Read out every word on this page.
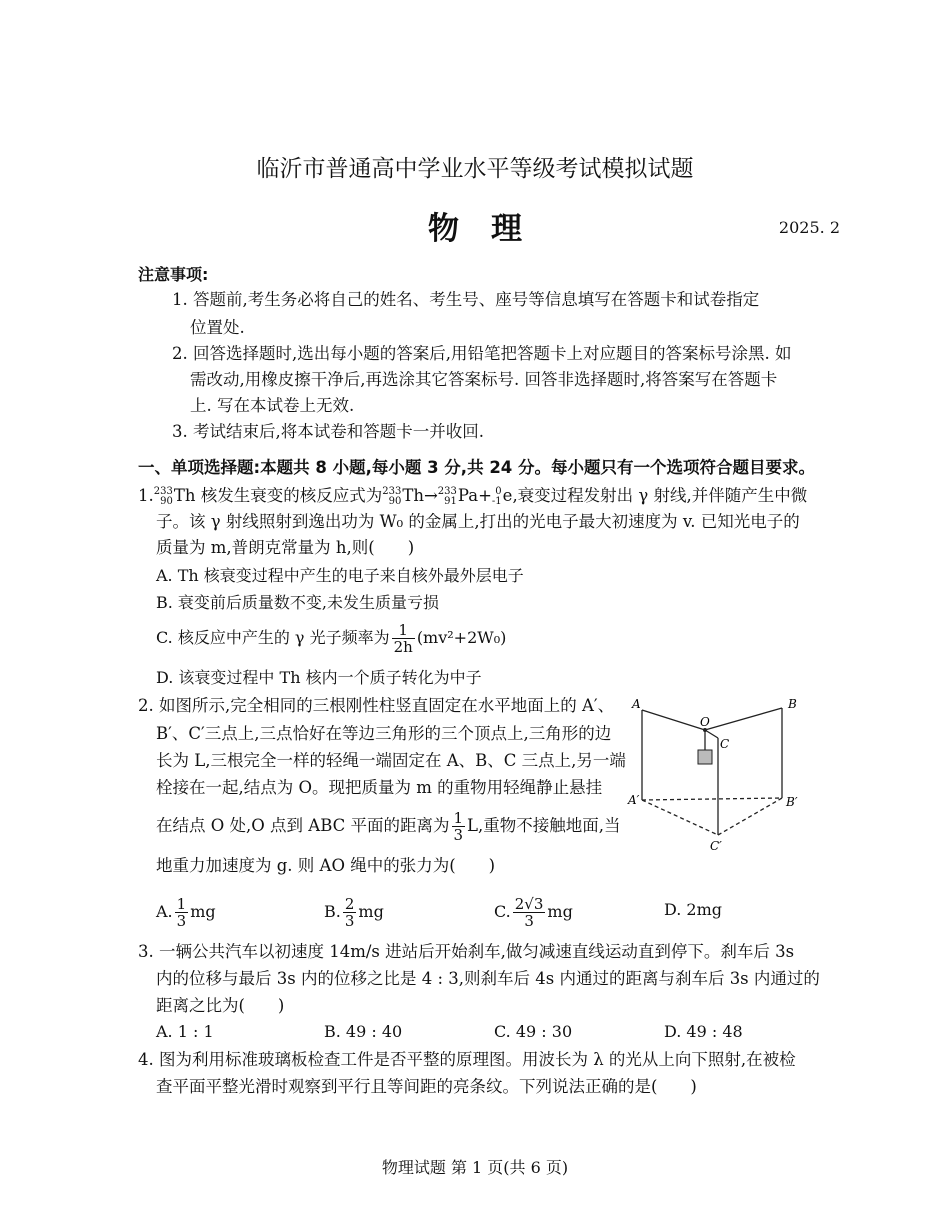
临沂市普通高中学业水平等级考试模拟试题
物理	2025. 2
注意事项:
1. 答题前,考生务必将自己的姓名、考生号、座号等信息填写在答题卡和试卷指定
位置处.
2. 回答选择题时,选出每小题的答案后,用铅笔把答题卡上对应题目的答案标号涂黑. 如
需改动,用橡皮擦干净后,再选涂其它答案标号. 回答非选择题时,将答案写在答题卡
上. 写在本试卷上无效.
3. 考试结束后,将本试卷和答题卡一并收回.
一、单项选择题:本题共 8 小题,每小题 3 分,共 24 分。每小题只有一个选项符合题目要求。
1. 233
90 Th 核发生衰变的核反应式为 233
90 Th→ 233
91 Pa+ 0
-1 e,衰变过程发射出 γ 射线,并伴随产生中微
子。该 γ 射线照射到逸出功为 W₀ 的金属上,打出的光电子最大初速度为 v. 已知光电子的
质量为 m,普朗克常量为 h,则(　　)
A. Th 核衰变过程中产生的电子来自核外最外层电子
B. 衰变前后质量数不变,未发生质量亏损
C. 核反应中产生的 γ 光子频率为 $\frac{1}{2h} (mv^2+2W_0)$
D. 该衰变过程中 Th 核内一个质子转化为中子
2. 如图所示,完全相同的三根刚性柱竖直固定在水平地面上的 A′、
B′、C′三点上,三点恰好在等边三角形的三个顶点上,三角形的边
长为 L,三根完全一样的轻绳一端固定在 A、B、C 三点上,另一端
栓接在一起,结点为 O。现把质量为 m 的重物用轻绳静止悬挂
在结点 O 处,O 点到 ABC 平面的距离为 $\frac{1}{3} L$,重物不接触地面,当
地重力加速度为 g. 则 AO 绳中的张力为(　　)
A. $\frac{1}{3}$ mg	B. $\frac{2}{3}$ mg	C. $\frac{2√3}{3}$ mg	D. 2mg
A	B
O
C
A′	B′
C′
3. 一辆公共汽车以初速度 14m/s 进站后开始刹车,做匀减速直线运动直到停下。刹车后 3s
内的位移与最后 3s 内的位移之比是 4 : 3,则刹车后 4s 内通过的距离与刹车后 3s 内通过的
距离之比为(　　)
A. 1 : 1	B. 49 : 40	C. 49 : 30	D. 49 : 48
4. 图为利用标准玻璃板检查工件是否平整的原理图。用波长为 λ 的光从上向下照射,在被检
查平面平整光滑时观察到平行且等间距的亮条纹。下列说法正确的是(　　)
物理试题 第 1 页(共 6 页)
